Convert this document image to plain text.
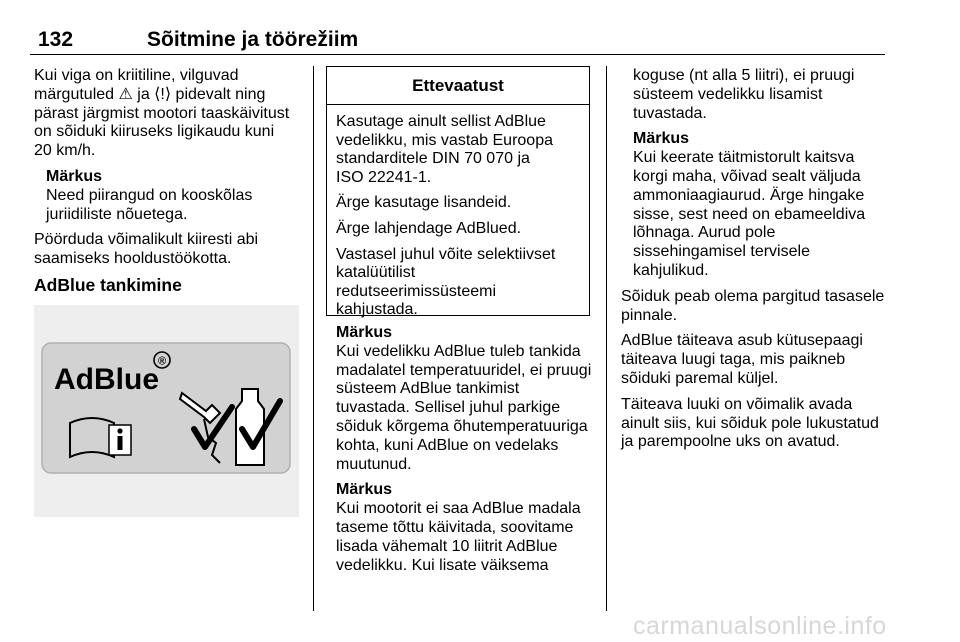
132	Sõitmine ja töörežiim

Kui viga on kriitiline, vilguvad
märgutuled ⚠ ja ⟨!⟩ pidevalt ning
pärast järgmist mootori taaskäivitust
on sõiduki kiiruseks ligikaudu kuni
20 km/h.

Märkus
Need piirangud on kooskõlas
juriidiliste nõuetega.

Pöörduda võimalikult kiiresti abi
saamiseks hooldustöökotta.

AdBlue tankimine
AdBlue
®
Ettevaatust

Kasutage ainult sellist AdBlue
vedelikku, mis vastab Euroopa
standarditele DIN 70 070 ja
ISO 22241-1.

Ärge kasutage lisandeid.

Ärge lahjendage AdBlued.

Vastasel juhul võite selektiivset
katalüütilist
redutseerimissüsteemi
kahjustada.

Märkus
Kui vedelikku AdBlue tuleb tankida
madalatel temperatuuridel, ei pruugi
süsteem AdBlue tankimist
tuvastada. Sellisel juhul parkige
sõiduk kõrgema õhutemperatuuriga
kohta, kuni AdBlue on vedelaks
muutunud.
Märkus
Kui mootorit ei saa AdBlue madala
taseme tõttu käivitada, soovitame
lisada vähemalt 10 liitrit AdBlue
vedelikku. Kui lisate väiksema

koguse (nt alla 5 liitri), ei pruugi
süsteem vedelikku lisamist
tuvastada.

Märkus
Kui keerate täitmistorult kaitsva
korgi maha, võivad sealt väljuda
ammoniaagiaurud. Ärge hingake
sisse, sest need on ebameeldiva
lõhnaga. Aurud pole
sissehingamisel tervisele
kahjulikud.

Sõiduk peab olema pargitud tasasele
pinnale.

AdBlue täiteava asub kütusepaagi
täiteava luugi taga, mis paikneb
sõiduki paremal küljel.

Täiteava luuki on võimalik avada
ainult siis, kui sõiduk pole lukustatud
ja parempoolne uks on avatud.

carmanualsonline.info
